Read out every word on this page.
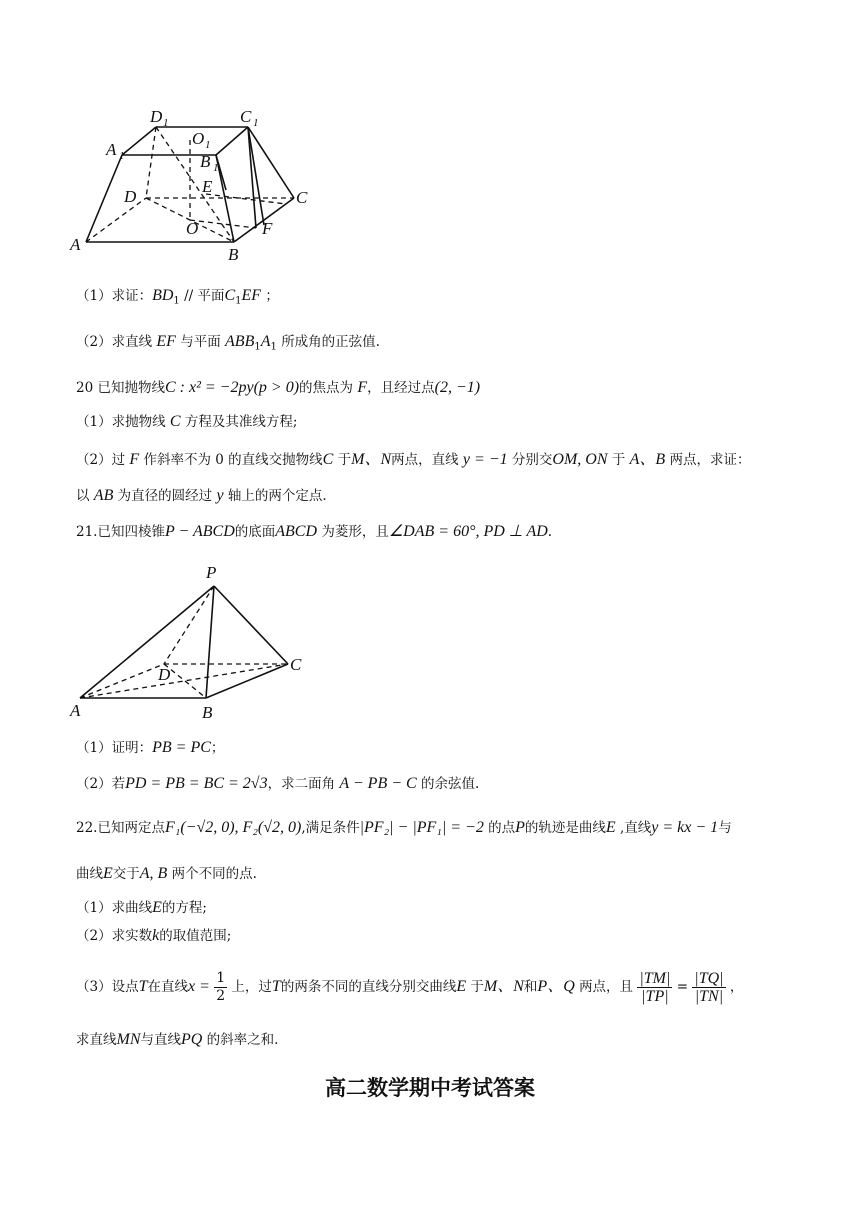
D 1	C 1
A 1
O 1
B 1
D
E
C
O	F
A
B
（1）求证：$BD_1$ // 平面$C_1EF$ ；
（2）求直线 EF 与平面 $ABB_1A_1$ 所成角的正弦值.
20 已知抛物线C : x² = −2py(p > 0)的焦点为 F，且经过点(2, −1)
（1）求抛物线 C 方程及其准线方程;
（2）过 F 作斜率不为 0 的直线交抛物线C 于M、N两点，直线 y = −1 分别交OM, ON 于 A、B 两点，求证：
以 AB 为直径的圆经过 y 轴上的两个定点.
21.已知四棱锥P − ABCD的底面ABCD 为菱形，且∠DAB = 60°, PD ⊥ AD.
P
D
C
A	B
（1）证明：PB = PC；
（2）若PD = PB = BC = 2√3，求二面角 A − PB − C 的余弦值.
22.已知两定点F₁(−√2, 0), F₂(√2, 0),满足条件|PF₂| − |PF₁| = −2 的点P的轨迹是曲线E ,直线y = kx − 1与
曲线E交于A, B 两个不同的点.
（1）求曲线E的方程;
（2）求实数k的取值范围;
（3）设点T在直线$x = \frac{1}{2}$ 上，过T的两条不同的直线分别交曲线E 于M、N和P、Q 两点，且 $\frac{|TM|}{|TP|} = \frac{|TQ|}{|TN|}$ ，
求直线MN与直线PQ 的斜率之和.
高二数学期中考试答案
